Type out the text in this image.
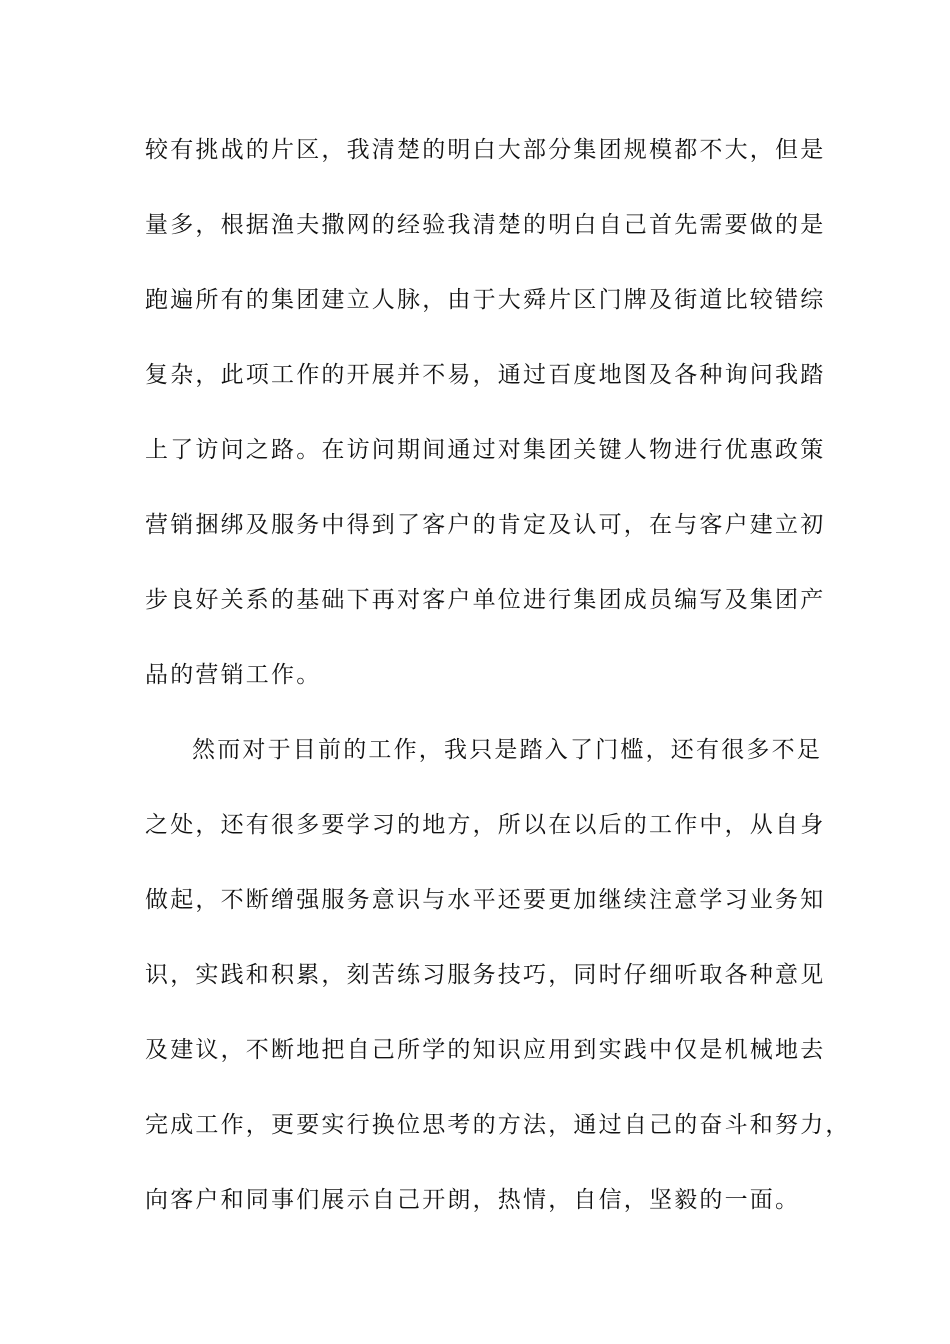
较有挑战的片区，我清楚的明白大部分集团规模都不大，但是
量多，根据渔夫撒网的经验我清楚的明白自己首先需要做的是
跑遍所有的集团建立人脉，由于大舜片区门牌及街道比较错综
复杂，此项工作的开展并不易，通过百度地图及各种询问我踏
上了访问之路。在访问期间通过对集团关键人物进行优惠政策
营销捆绑及服务中得到了客户的肯定及认可，在与客户建立初
步良好关系的基础下再对客户单位进行集团成员编写及集团产
品的营销工作。
然而对于目前的工作，我只是踏入了门槛，还有很多不足
之处，还有很多要学习的地方，所以在以后的工作中，从自身
做起，不断缯强服务意识与水平还要更加继续注意学习业务知
识，实践和积累，刻苦练习服务技巧，同时仔细听取各种意见
及建议，不断地把自己所学的知识应用到实践中仅是机械地去
完成工作，更要实行换位思考的方法，通过自己的奋斗和努力，
向客户和同事们展示自己开朗，热情，自信，坚毅的一面。
